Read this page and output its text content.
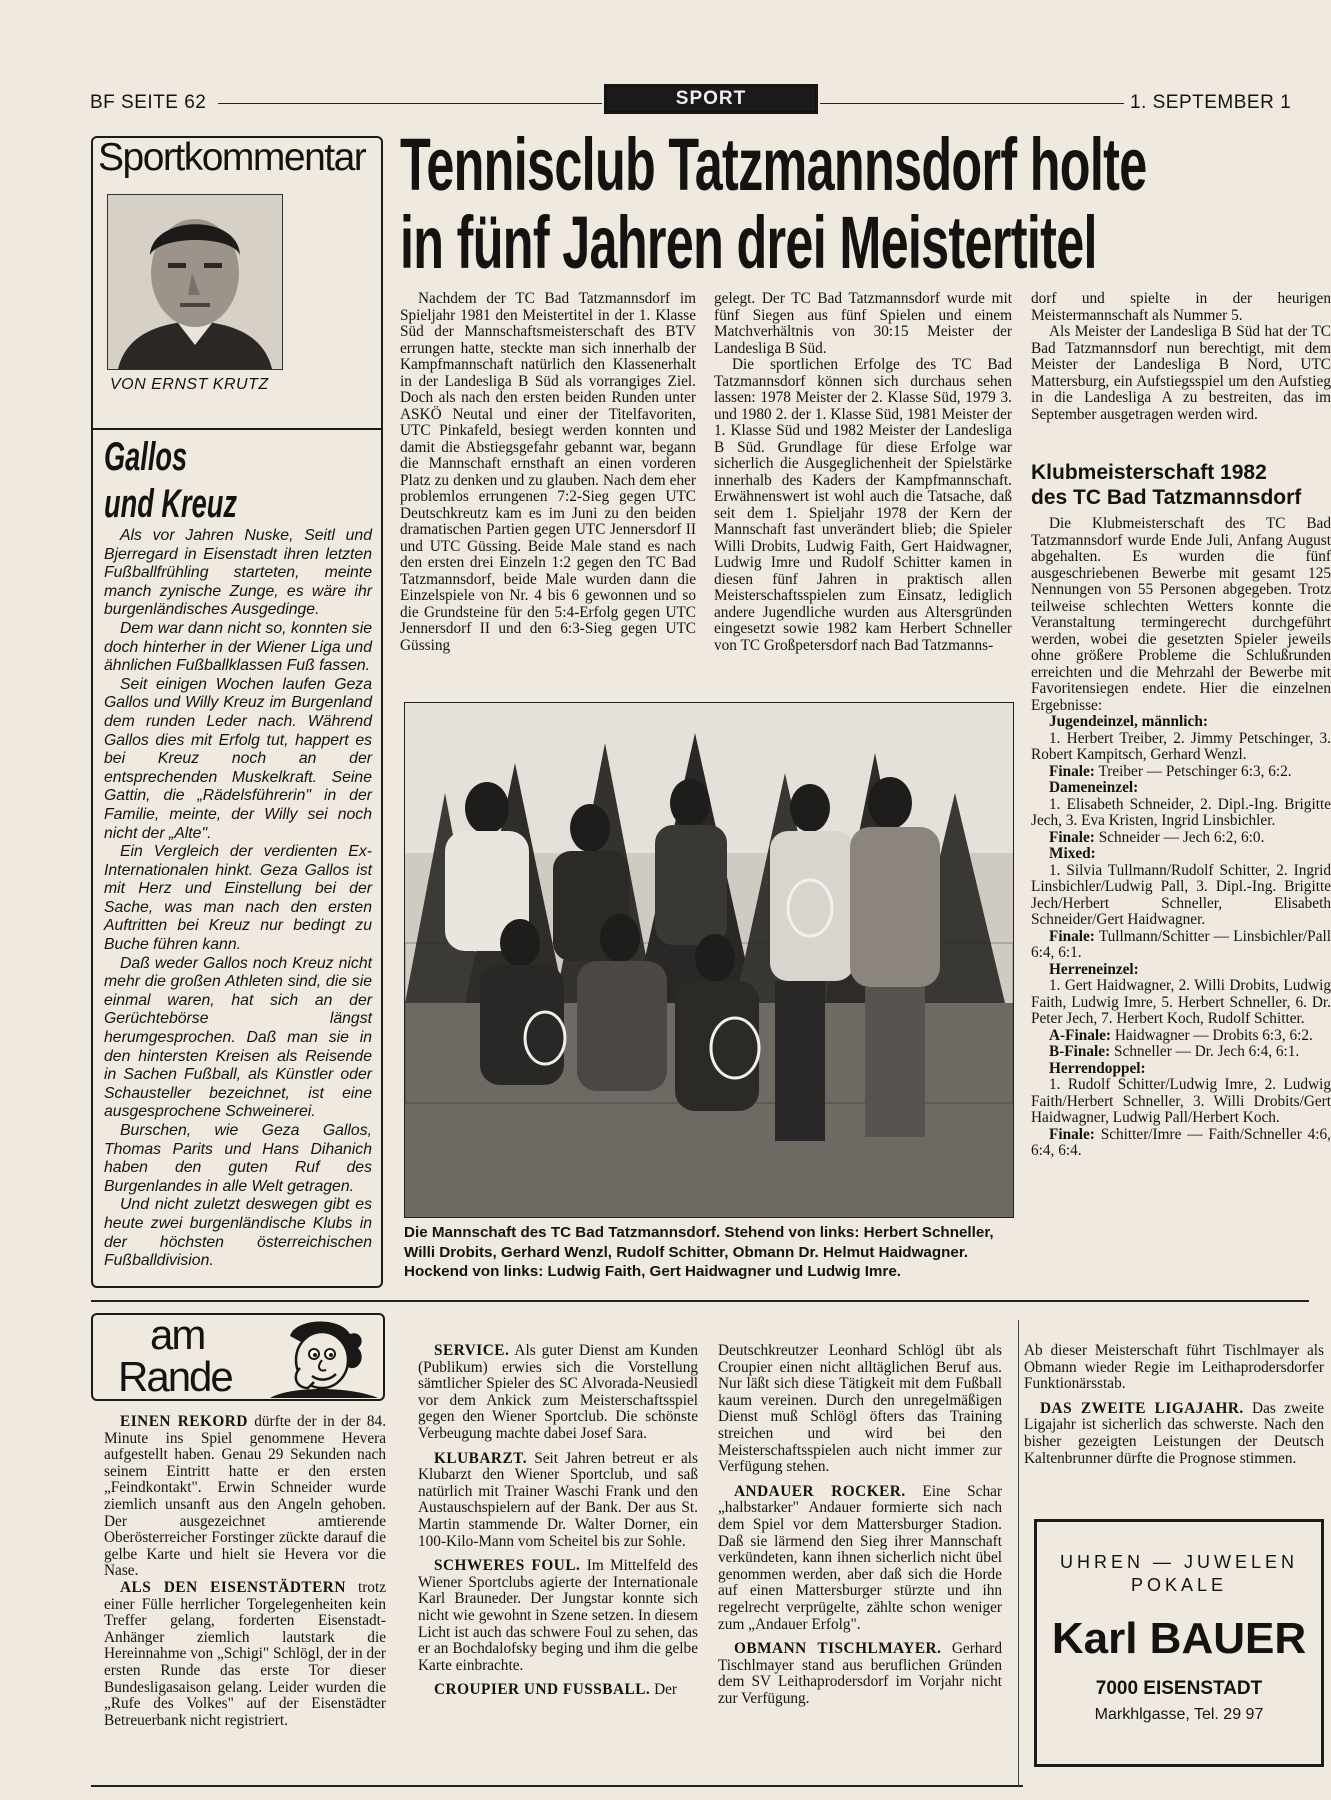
BF SEITE 62	SPORT	1. SEPTEMBER 1
Sportkommentar
VON ERNST KRUTZ
Gallos
und Kreuz

Als vor Jahren Nuske, Seitl und Bjerregard in Eisenstadt ihren letzten Fußballfrühling starteten, meinte manch zynische Zunge, es wäre ihr burgenländisches Ausgedinge.

Dem war dann nicht so, konnten sie doch hinterher in der Wiener Liga und ähnlichen Fußballklassen Fuß fassen.

Seit einigen Wochen laufen Geza Gallos und Willy Kreuz im Burgenland dem runden Leder nach. Während Gallos dies mit Erfolg tut, happert es bei Kreuz noch an der entsprechenden Muskelkraft. Seine Gattin, die „Rädelsführerin" in der Familie, meinte, der Willy sei noch nicht der „Alte".

Ein Vergleich der verdienten Ex-Internationalen hinkt. Geza Gallos ist mit Herz und Einstellung bei der Sache, was man nach den ersten Auftritten bei Kreuz nur bedingt zu Buche führen kann.

Daß weder Gallos noch Kreuz nicht mehr die großen Athleten sind, die sie einmal waren, hat sich an der Gerüchtebörse längst herumgesprochen. Daß man sie in den hintersten Kreisen als Reisende in Sachen Fußball, als Künstler oder Schausteller bezeichnet, ist eine ausgesprochene Schweinerei.

Burschen, wie Geza Gallos, Thomas Parits und Hans Dihanich haben den guten Ruf des Burgenlandes in alle Welt getragen.

Und nicht zuletzt deswegen gibt es heute zwei burgenländische Klubs in der höchsten österreichischen Fußballdivision.

Tennisclub Tatzmannsdorf holte
in fünf Jahren drei Meistertitel

Nachdem der TC Bad Tatzmannsdorf im Spieljahr 1981 den Meistertitel in der 1. Klasse Süd der Mannschaftsmeisterschaft des BTV errungen hatte, steckte man sich innerhalb der Kampfmannschaft natürlich den Klassenerhalt in der Landesliga B Süd als vorrangiges Ziel. Doch als nach den ersten beiden Runden unter ASKÖ Neutal und einer der Titelfavoriten, UTC Pinkafeld, besiegt werden konnten und damit die Abstiegsgefahr gebannt war, begann die Mannschaft ernsthaft an einen vorderen Platz zu denken und zu glauben. Nach dem eher problemlos errungenen 7:2-Sieg gegen UTC Deutschkreutz kam es im Juni zu den beiden dramatischen Partien gegen UTC Jennersdorf II und UTC Güssing. Beide Male stand es nach den ersten drei Einzeln 1:2 gegen den TC Bad Tatzmannsdorf, beide Male wurden dann die Einzelspiele von Nr. 4 bis 6 gewonnen und so die Grundsteine für den 5:4-Erfolg gegen UTC Jennersdorf II und den 6:3-Sieg gegen UTC Güssing

gelegt. Der TC Bad Tatzmannsdorf wurde mit fünf Siegen aus fünf Spielen und einem Matchverhältnis von 30:15 Meister der Landesliga B Süd.

Die sportlichen Erfolge des TC Bad Tatzmannsdorf können sich durchaus sehen lassen: 1978 Meister der 2. Klasse Süd, 1979 3. und 1980 2. der 1. Klasse Süd, 1981 Meister der 1. Klasse Süd und 1982 Meister der Landesliga B Süd. Grundlage für diese Erfolge war sicherlich die Ausgeglichenheit der Spielstärke innerhalb des Kaders der Kampfmannschaft. Erwähnenswert ist wohl auch die Tatsache, daß seit dem 1. Spieljahr 1978 der Kern der Mannschaft fast unverändert blieb; die Spieler Willi Drobits, Ludwig Faith, Gert Haidwagner, Ludwig Imre und Rudolf Schitter kamen in diesen fünf Jahren in praktisch allen Meisterschaftsspielen zum Einsatz, lediglich andere Jugendliche wurden aus Altersgründen eingesetzt sowie 1982 kam Herbert Schneller von TC Großpetersdorf nach Bad Tatzmanns-

dorf und spielte in der heurigen Meistermannschaft als Nummer 5.

Als Meister der Landesliga B Süd hat der TC Bad Tatzmannsdorf nun berechtigt, mit dem Meister der Landesliga B Nord, UTC Mattersburg, ein Aufstiegsspiel um den Aufstieg in die Landesliga A zu bestreiten, das im September ausgetragen werden wird.

Die Mannschaft des TC Bad Tatzmannsdorf. Stehend von links: Herbert Schneller, Willi Drobits, Gerhard Wenzl, Rudolf Schitter, Obmann Dr. Helmut Haidwagner. Hockend von links: Ludwig Faith, Gert Haidwagner und Ludwig Imre.
Klubmeisterschaft 1982
des TC Bad Tatzmannsdorf

Die Klubmeisterschaft des TC Bad Tatzmannsdorf wurde Ende Juli, Anfang August abgehalten. Es wurden die fünf ausgeschriebenen Bewerbe mit gesamt 125 Nennungen von 55 Personen abgegeben. Trotz teilweise schlechten Wetters konnte die Veranstaltung termingerecht durchgeführt werden, wobei die gesetzten Spieler jeweils ohne größere Probleme die Schlußrunden erreichten und die Mehrzahl der Bewerbe mit Favoritensiegen endete. Hier die einzelnen Ergebnisse:

Jugendeinzel, männlich:

1. Herbert Treiber, 2. Jimmy Petschinger, 3. Robert Kampitsch, Gerhard Wenzl.

Finale: Treiber — Petschinger 6:3, 6:2.

Dameneinzel:

1. Elisabeth Schneider, 2. Dipl.-Ing. Brigitte Jech, 3. Eva Kristen, Ingrid Linsbichler.

Finale: Schneider — Jech 6:2, 6:0.

Mixed:

1. Silvia Tullmann/Rudolf Schitter, 2. Ingrid Linsbichler/Ludwig Pall, 3. Dipl.-Ing. Brigitte Jech/Herbert Schneller, Elisabeth Schneider/Gert Haidwagner.

Finale: Tullmann/Schitter — Linsbichler/Pall 6:4, 6:1.

Herreneinzel:

1. Gert Haidwagner, 2. Willi Drobits, Ludwig Faith, Ludwig Imre, 5. Herbert Schneller, 6. Dr. Peter Jech, 7. Herbert Koch, Rudolf Schitter.

A-Finale: Haidwagner — Drobits 6:3, 6:2.

B-Finale: Schneller — Dr. Jech 6:4, 6:1.

Herrendoppel:

1. Rudolf Schitter/Ludwig Imre, 2. Ludwig Faith/Herbert Schneller, 3. Willi Drobits/Gert Haidwagner, Ludwig Pall/Herbert Koch.

Finale: Schitter/Imre — Faith/Schneller 4:6, 6:4, 6:4.

am
Rande

EINEN REKORD dürfte der in der 84. Minute ins Spiel genommene Hevera aufgestellt haben. Genau 29 Sekunden nach seinem Eintritt hatte er den ersten „Feindkontakt". Erwin Schneider wurde ziemlich unsanft aus den Angeln gehoben. Der ausgezeichnet amtierende Oberösterreicher Forstinger zückte darauf die gelbe Karte und hielt sie Hevera vor die Nase.

ALS DEN EISENSTÄDTERN trotz einer Fülle herrlicher Torgelegenheiten kein Treffer gelang, forderten Eisenstadt-Anhänger ziemlich lautstark die Hereinnahme von „Schigi" Schlögl, der in der ersten Runde das erste Tor dieser Bundesligasaison gelang. Leider wurden die „Rufe des Volkes" auf der Eisenstädter Betreuerbank nicht registriert.

SERVICE. Als guter Dienst am Kunden (Publikum) erwies sich die Vorstellung sämtlicher Spieler des SC Alvorada-Neusiedl vor dem Ankick zum Meisterschaftsspiel gegen den Wiener Sportclub. Die schönste Verbeugung machte dabei Josef Sara.

KLUBARZT. Seit Jahren betreut er als Klubarzt den Wiener Sportclub, und saß natürlich mit Trainer Waschi Frank und den Austauschspielern auf der Bank. Der aus St. Martin stammende Dr. Walter Dorner, ein 100-Kilo-Mann vom Scheitel bis zur Sohle.

SCHWERES FOUL. Im Mittelfeld des Wiener Sportclubs agierte der Internationale Karl Brauneder. Der Jungstar konnte sich nicht wie gewohnt in Szene setzen. In diesem Licht ist auch das schwere Foul zu sehen, das er an Bochdalofsky beging und ihm die gelbe Karte einbrachte.

CROUPIER UND FUSSBALL. Der

Deutschkreutzer Leonhard Schlögl übt als Croupier einen nicht alltäglichen Beruf aus. Nur läßt sich diese Tätigkeit mit dem Fußball kaum vereinen. Durch den unregelmäßigen Dienst muß Schlögl öfters das Training streichen und wird bei den Meisterschaftsspielen auch nicht immer zur Verfügung stehen.

ANDAUER ROCKER. Eine Schar „halbstarker" Andauer formierte sich nach dem Spiel vor dem Mattersburger Stadion. Daß sie lärmend den Sieg ihrer Mannschaft verkündeten, kann ihnen sicherlich nicht übel genommen werden, aber daß sich die Horde auf einen Mattersburger stürzte und ihn regelrecht verprügelte, zählte schon weniger zum „Andauer Erfolg".

OBMANN TISCHLMAYER. Gerhard Tischlmayer stand aus beruflichen Gründen dem SV Leithaprodersdorf im Vorjahr nicht zur Verfügung.

Ab dieser Meisterschaft führt Tischlmayer als Obmann wieder Regie im Leithaprodersdorfer Funktionärsstab.

DAS ZWEITE LIGAJAHR. Das zweite Ligajahr ist sicherlich das schwerste. Nach den bisher gezeigten Leistungen der Deutsch Kaltenbrunner dürfte die Prognose stimmen.

UHREN — JUWELEN
POKALE
Karl BAUER
7000 EISENSTADT
Markhlgasse, Tel. 29 97
